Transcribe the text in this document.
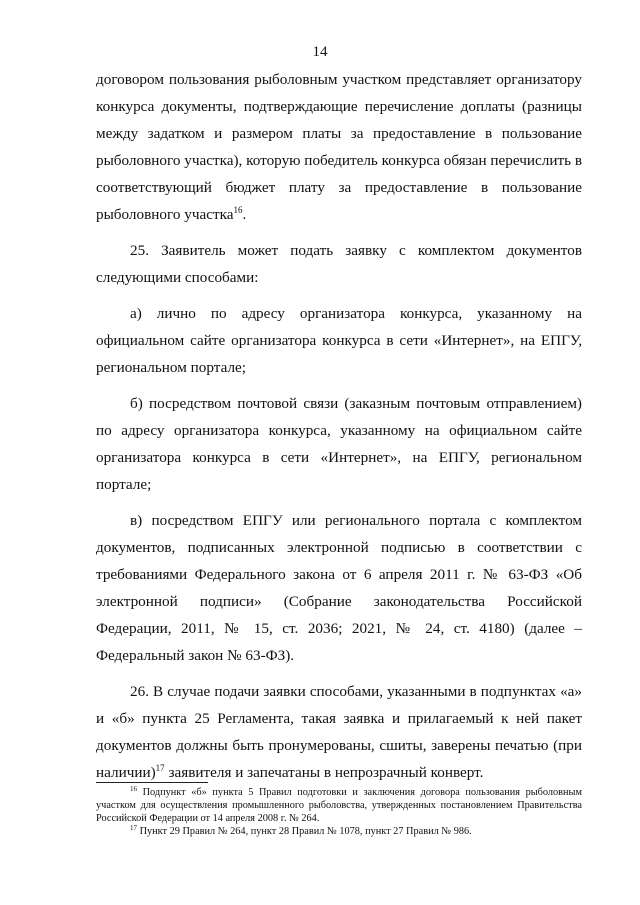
14

договором пользования рыболовным участком представляет организатору конкурса документы, подтверждающие перечисление доплаты (разницы между задатком и размером платы за предоставление в пользование рыболовного участка), которую победитель конкурса обязан перечислить в соответствующий бюджет плату за предоставление в пользование рыболовного участка$^{16}$.

25. Заявитель может подать заявку с комплектом документов следующими способами:

а) лично по адресу организатора конкурса, указанному на официальном сайте организатора конкурса в сети «Интернет», на ЕПГУ, региональном портале;

б) посредством почтовой связи (заказным почтовым отправлением) по адресу организатора конкурса, указанному на официальном сайте организатора конкурса в сети «Интернет», на ЕПГУ, региональном портале;

в) посредством ЕПГУ или регионального портала с комплектом документов, подписанных электронной подписью в соответствии с требованиями Федерального закона от 6 апреля 2011 г. № 63-ФЗ «Об электронной подписи» (Собрание законодательства Российской Федерации, 2011, № 15, ст. 2036; 2021, № 24, ст. 4180) (далее – Федеральный закон № 63-ФЗ).

26. В случае подачи заявки способами, указанными в подпунктах «а» и «б» пункта 25 Регламента, такая заявка и прилагаемый к ней пакет документов должны быть пронумерованы, сшиты, заверены печатью (при наличии)$^{17}$ заявителя и запечатаны в непрозрачный конверт.

$^{16}$ Подпункт «б» пункта 5 Правил подготовки и заключения договора пользования рыболовным участком для осуществления промышленного рыболовства, утвержденных постановлением Правительства Российской Федерации от 14 апреля 2008 г. № 264.

$^{17}$ Пункт 29 Правил № 264, пункт 28 Правил № 1078, пункт 27 Правил № 986.
